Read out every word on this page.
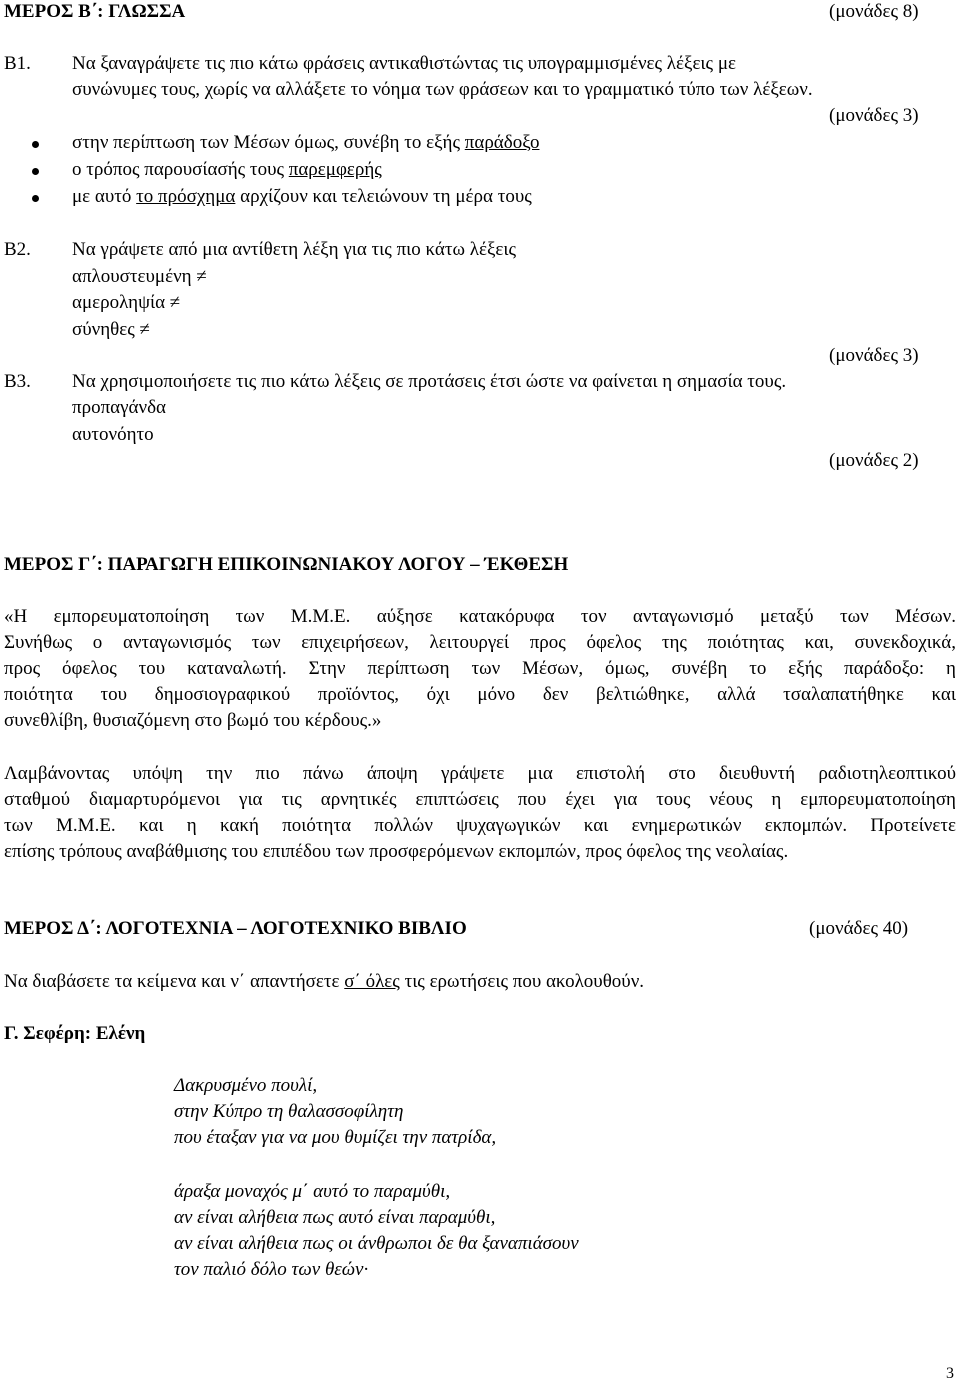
ΜΕΡΟΣ Β΄: ΓΛΩΣΣΑ	(μονάδες 8)
Β1. Να ξαναγράψετε τις πιο κάτω φράσεις αντικαθιστώντας τις υπογραμμισμένες λέξεις με
συνώνυμες τους, χωρίς να αλλάξετε το νόημα των φράσεων και το γραμματικό τύπο των λέξεων.
(μονάδες 3)
στην περίπτωση των Μέσων όμως, συνέβη το εξής παράδοξο
ο τρόπος παρουσίασής τους παρεμφερής
με αυτό το πρόσχημα αρχίζουν και τελειώνουν τη μέρα τους
Β2. Να γράψετε από μια αντίθετη λέξη για τις πιο κάτω λέξεις
απλουστευμένη ≠
αμεροληψία ≠
σύνηθες ≠
(μονάδες 3)
Β3. Να χρησιμοποιήσετε τις πιο κάτω λέξεις σε προτάσεις έτσι ώστε να φαίνεται η σημασία τους.
προπαγάνδα
αυτονόητο
(μονάδες 2)
ΜΕΡΟΣ Γ΄: ΠΑΡΑΓΩΓΗ ΕΠΙΚΟΙΝΩΝΙΑΚΟΥ ΛΟΓΟΥ – ΈΚΘΕΣΗ
«Η εμπορευματοποίηση των Μ.Μ.Ε. αύξησε κατακόρυφα τον ανταγωνισμό μεταξύ των Μέσων.
Συνήθως ο ανταγωνισμός των επιχειρήσεων, λειτουργεί προς όφελος της ποιότητας και, συνεκδοχικά,
προς όφελος του καταναλωτή. Στην περίπτωση των Μέσων, όμως, συνέβη το εξής παράδοξο: η
ποιότητα του δημοσιογραφικού προϊόντος, όχι μόνο δεν βελτιώθηκε, αλλά τσαλαπατήθηκε και
συνεθλίβη, θυσιαζόμενη στο βωμό του κέρδους.»
Λαμβάνοντας υπόψη την πιο πάνω άποψη γράψετε μια επιστολή στο διευθυντή ραδιοτηλεοπτικού
σταθμού διαμαρτυρόμενοι για τις αρνητικές επιπτώσεις που έχει για τους νέους η εμπορευματοποίηση
των Μ.Μ.Ε. και η κακή ποιότητα πολλών ψυχαγωγικών και ενημερωτικών εκπομπών. Προτείνετε
επίσης τρόπους αναβάθμισης του επιπέδου των προσφερόμενων εκπομπών, προς όφελος της νεολαίας.
ΜΕΡΟΣ Δ΄: ΛΟΓΟΤΕΧΝΙΑ – ΛΟΓΟΤΕΧΝΙΚΟ ΒΙΒΛΙΟ	(μονάδες 40)
Να διαβάσετε τα κείμενα και ν΄ απαντήσετε σ΄ όλες τις ερωτήσεις που ακολουθούν.
Γ. Σεφέρη: Ελένη
Δακρυσμένο πουλί,
στην Κύπρο τη θαλασσοφίλητη
που έταξαν για να μου θυμίζει την πατρίδα,
άραξα μοναχός μ΄ αυτό το παραμύθι,
αν είναι αλήθεια πως αυτό είναι παραμύθι,
αν είναι αλήθεια πως οι άνθρωποι δε θα ξαναπιάσουν
τον παλιό δόλο των θεών·
3
